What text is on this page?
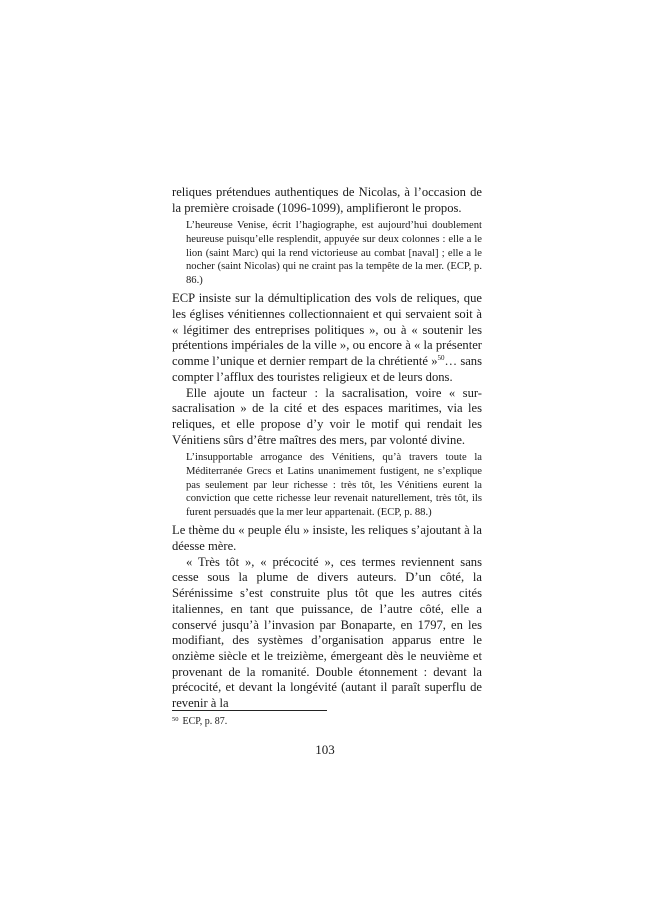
reliques prétendues authentiques de Nicolas, à l’occasion de la première croisade (1096-1099), amplifieront le propos.

L’heureuse Venise, écrit l’hagiographe, est aujourd’hui doublement heureuse puisqu’elle resplendit, appuyée sur deux colonnes : elle a le lion (saint Marc) qui la rend victorieuse au combat [naval] ; elle a le nocher (saint Nicolas) qui ne craint pas la tempête de la mer. (ECP, p. 86.)

ECP insiste sur la démultiplication des vols de reliques, que les églises vénitiennes collectionnaient et qui servaient soit à « légitimer des entreprises politiques », ou à « soutenir les prétentions impériales de la ville », ou encore à « la présenter comme l’unique et dernier rempart de la chrétienté »$^{50}$… sans compter l’afflux des touristes religieux et de leurs dons.

Elle ajoute un facteur : la sacralisation, voire « sur-sacralisation » de la cité et des espaces maritimes, via les reliques, et elle propose d’y voir le motif qui rendait les Vénitiens sûrs d’être maîtres des mers, par volonté divine.

L’insupportable arrogance des Vénitiens, qu’à travers toute la Méditerranée Grecs et Latins unanimement fustigent, ne s’explique pas seulement par leur richesse : très tôt, les Vénitiens eurent la conviction que cette richesse leur revenait naturellement, très tôt, ils furent persuadés que la mer leur appartenait. (ECP, p. 88.)

Le thème du « peuple élu » insiste, les reliques s’ajoutant à la déesse mère.

« Très tôt », « précocité », ces termes reviennent sans cesse sous la plume de divers auteurs. D’un côté, la Sérénissime s’est construite plus tôt que les autres cités italiennes, en tant que puissance, de l’autre côté, elle a conservé jusqu’à l’invasion par Bonaparte, en 1797, en les modifiant, des systèmes d’organisation apparus entre le onzième siècle et le treizième, émergeant dès le neuvième et provenant de la romanité. Double étonnement : devant la précocité, et devant la longévité (autant il paraît superflu de revenir à la

$^{50}$ ECP, p. 87.
103
